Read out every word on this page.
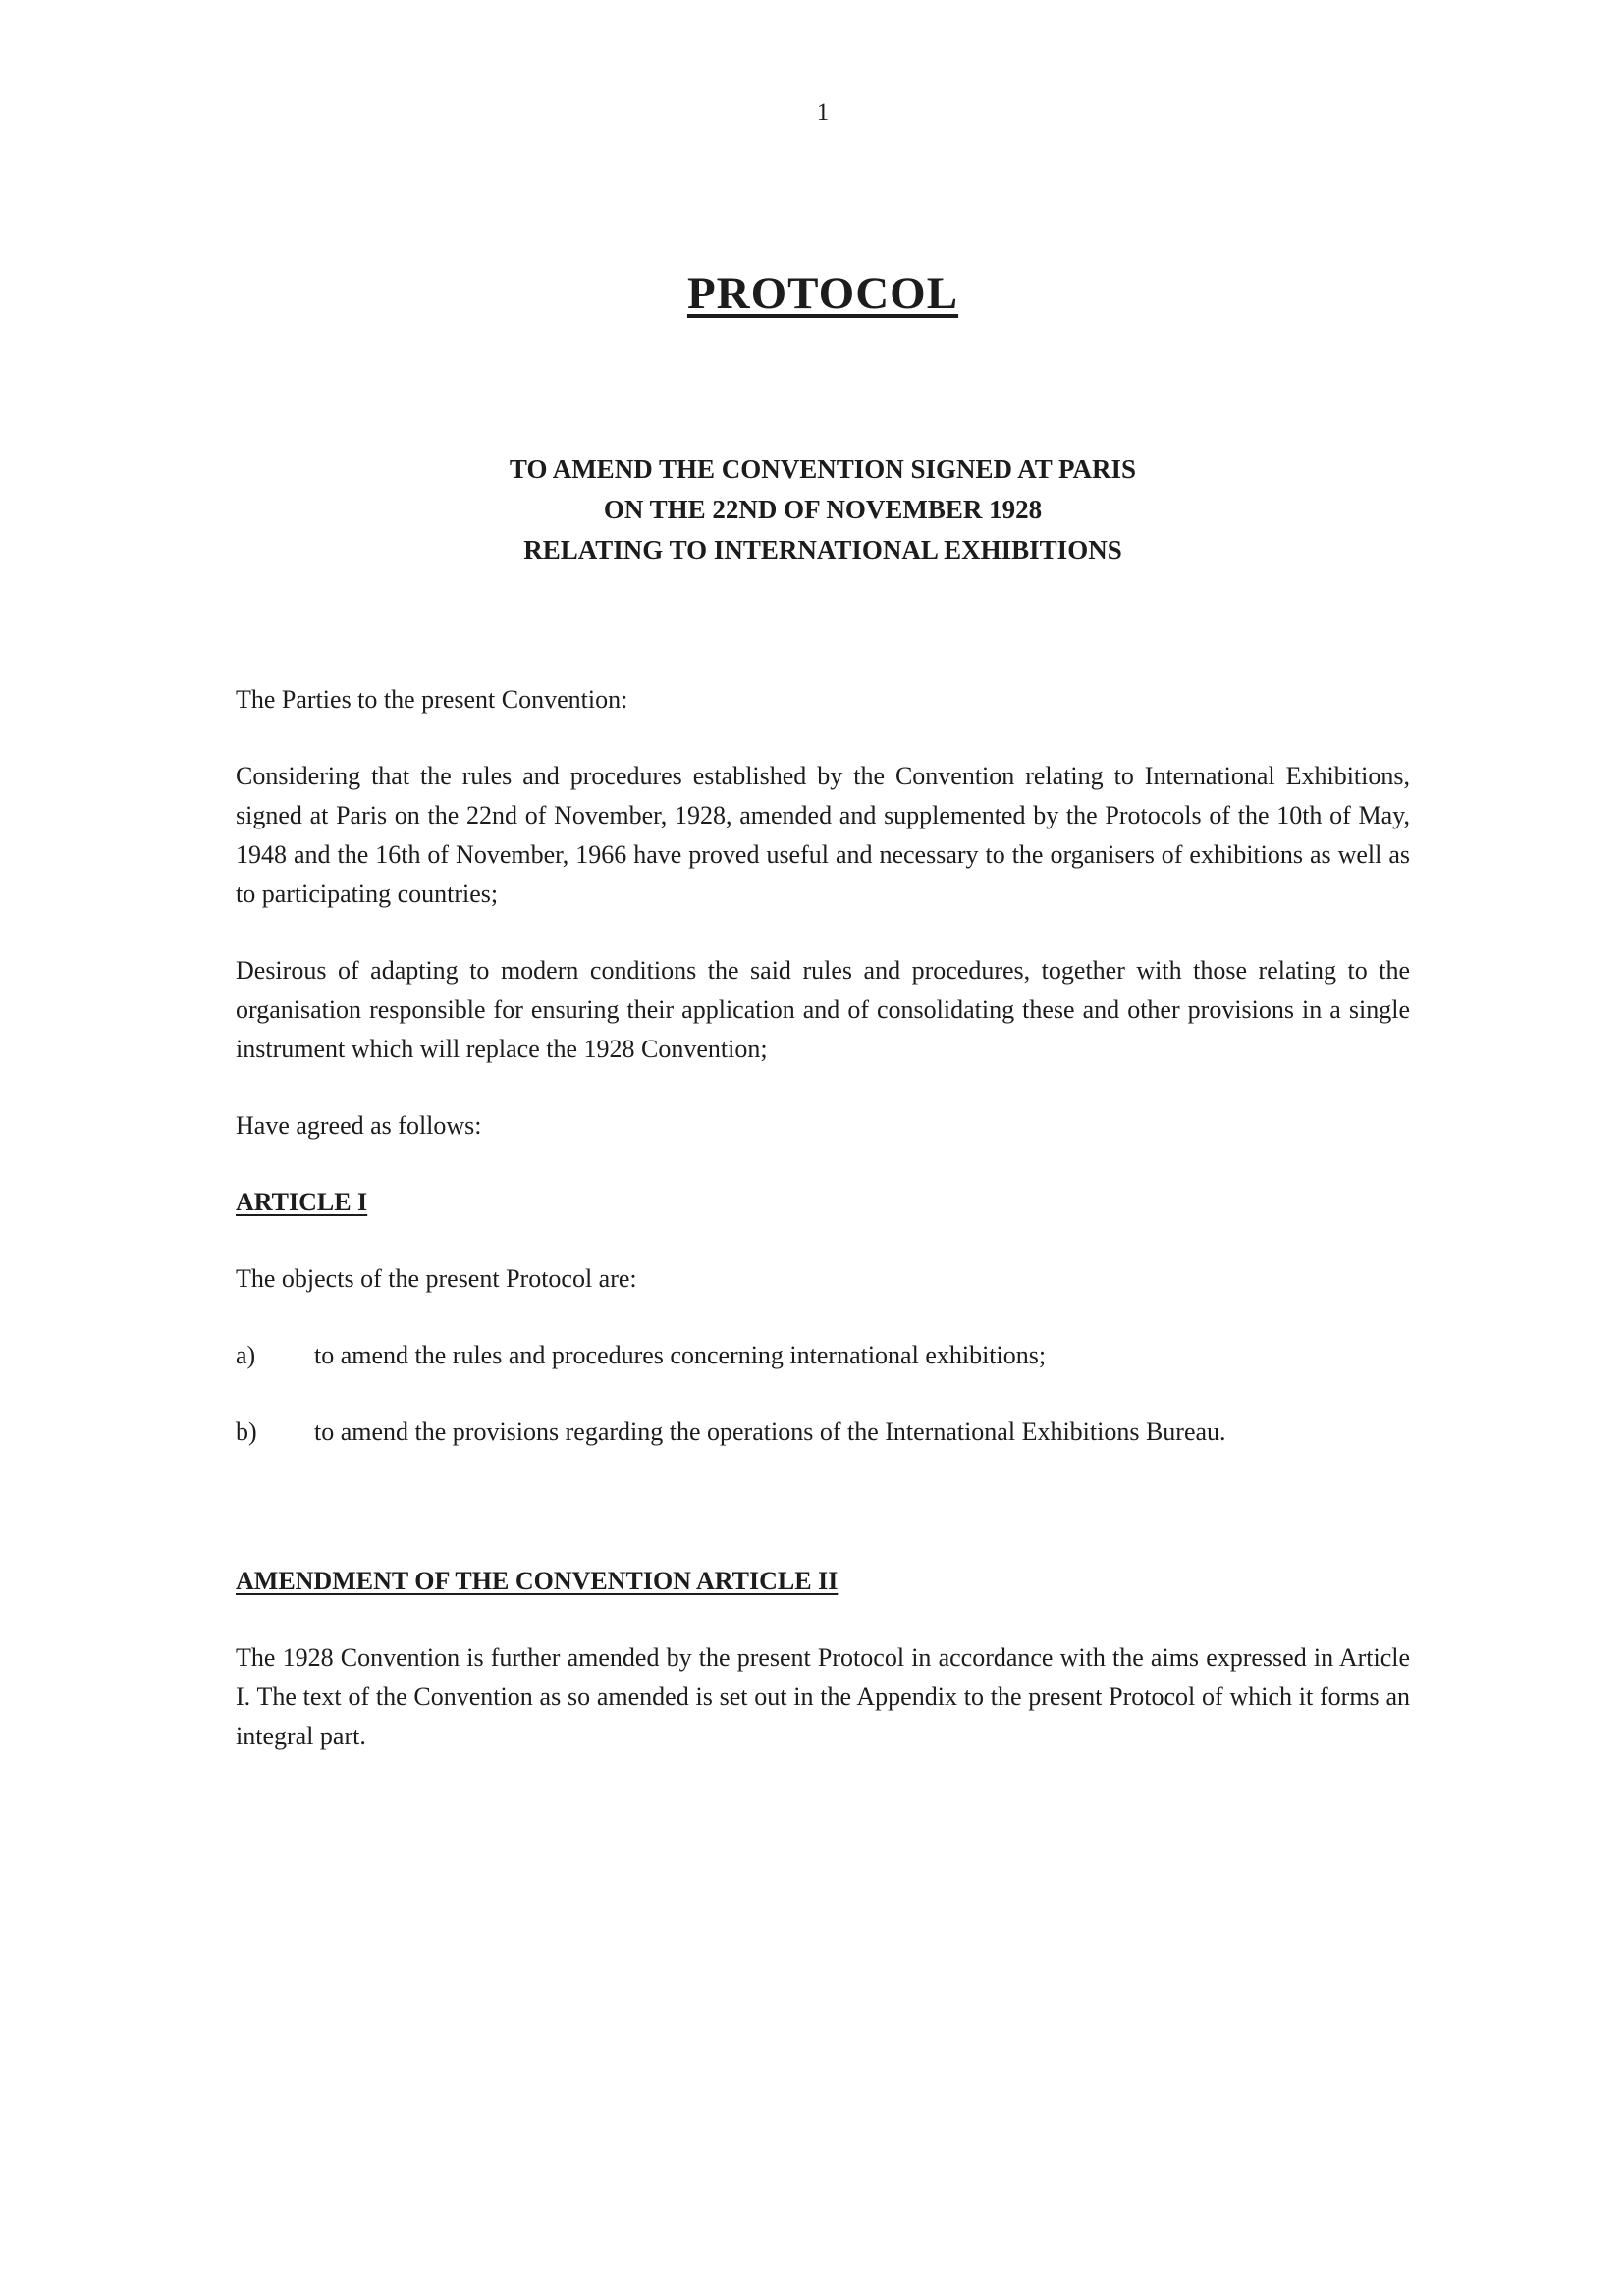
1
PROTOCOL
TO AMEND THE CONVENTION SIGNED AT PARIS
ON THE 22ND OF NOVEMBER 1928
RELATING TO INTERNATIONAL EXHIBITIONS

The Parties to the present Convention:

Considering that the rules and procedures established by the Convention relating to International Exhibitions, signed at Paris on the 22nd of November, 1928, amended and supplemented by the Protocols of the 10th of May, 1948 and the 16th of November, 1966 have proved useful and necessary to the organisers of exhibitions as well as to participating countries;

Desirous of adapting to modern conditions the said rules and procedures, together with those relating to the organisation responsible for ensuring their application and of consolidating these and other provisions in a single instrument which will replace the 1928 Convention;

Have agreed as follows:

ARTICLE I

The objects of the present Protocol are:

a)	to amend the rules and procedures concerning international exhibitions;
b)	to amend the provisions regarding the operations of the International Exhibitions Bureau.
AMENDMENT OF THE CONVENTION ARTICLE II

The 1928 Convention is further amended by the present Protocol in accordance with the aims expressed in Article I. The text of the Convention as so amended is set out in the Appendix to the present Protocol of which it forms an integral part.
